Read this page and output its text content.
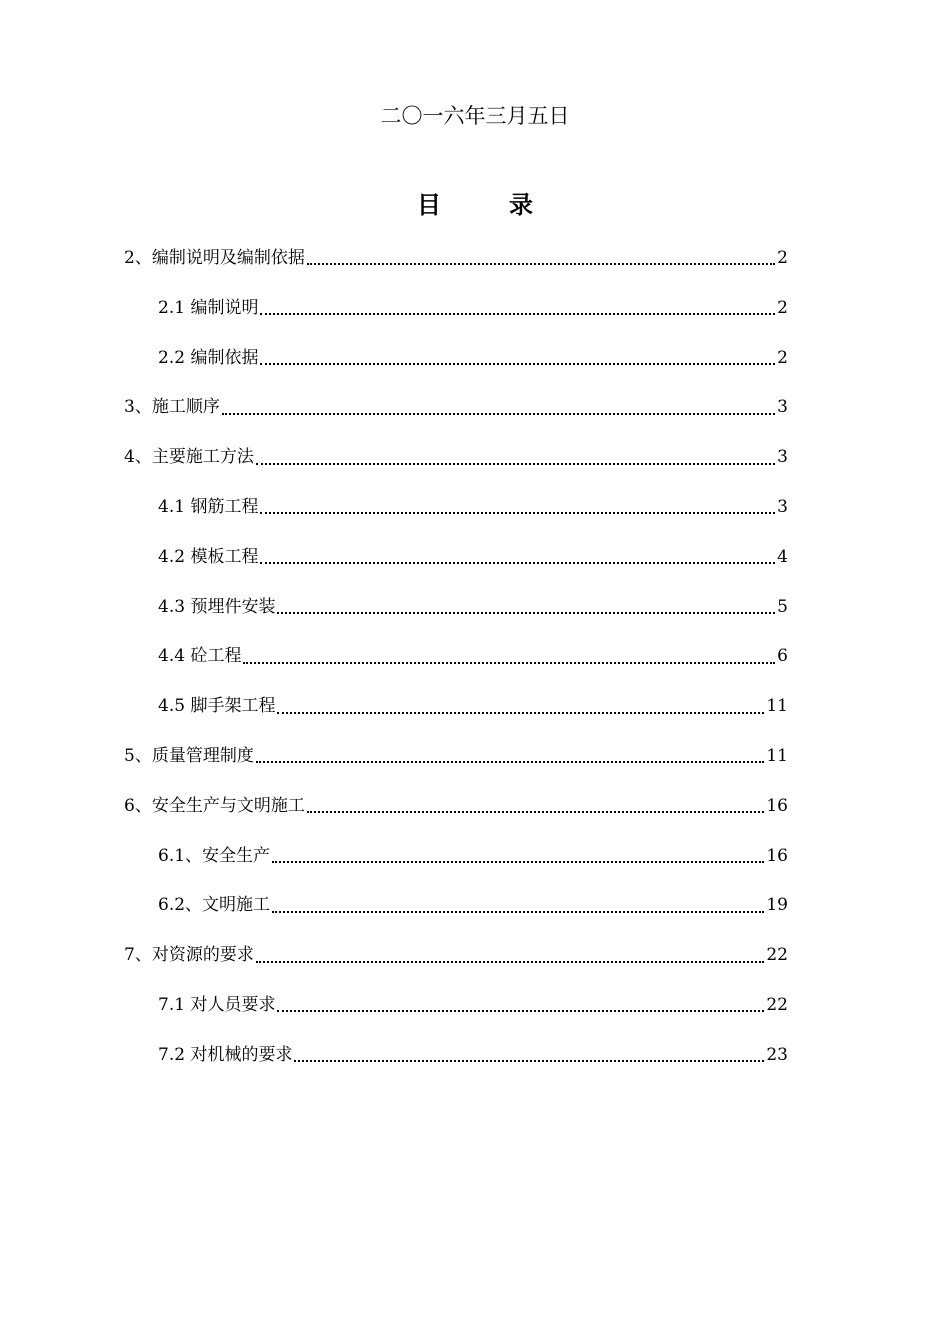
二〇一六年三月五日
目	录
2、编制说明及编制依据	2
2.1 编制说明	2
2.2 编制依据	2
3、施工顺序	3
4、主要施工方法	3
4.1 钢筋工程	3
4.2 模板工程	4
4.3 预埋件安装	5
4.4 砼工程	6
4.5 脚手架工程	11
5、质量管理制度	11
6、安全生产与文明施工	16
6.1、安全生产	16
6.2、文明施工	19
7、对资源的要求	22
7.1 对人员要求	22
7.2 对机械的要求	23
